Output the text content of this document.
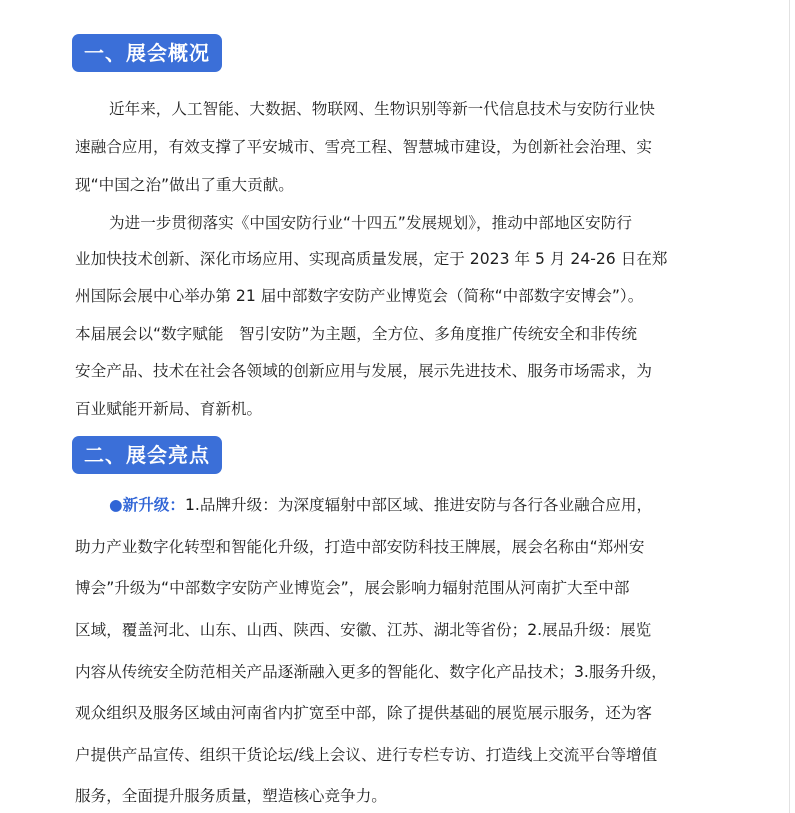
一、展会概况
近年来，人工智能、大数据、物联网、生物识别等新一代信息技术与安防行业快
速融合应用，有效支撑了平安城市、雪亮工程、智慧城市建设，为创新社会治理、实
现“中国之治”做出了重大贡献。
为进一步贯彻落实《中国安防行业“十四五”发展规划》，推动中部地区安防行
业加快技术创新、深化市场应用、实现高质量发展，定于 2023 年 5 月 24-26 日在郑
州国际会展中心举办第 21 届中部数字安防产业博览会（简称“中部数字安博会”）。
本届展会以“数字赋能　智引安防”为主题，全方位、多角度推广传统安全和非传统
安全产品、技术在社会各领域的创新应用与发展，展示先进技术、服务市场需求，为
百业赋能开新局、育新机。
二、展会亮点
●新升级：1.品牌升级：为深度辐射中部区域、推进安防与各行各业融合应用，
助力产业数字化转型和智能化升级，打造中部安防科技王牌展，展会名称由“郑州安
博会”升级为“中部数字安防产业博览会”，展会影响力辐射范围从河南扩大至中部
区域，覆盖河北、山东、山西、陕西、安徽、江苏、湖北等省份；2.展品升级：展览
内容从传统安全防范相关产品逐渐融入更多的智能化、数字化产品技术；3.服务升级，
观众组织及服务区域由河南省内扩宽至中部，除了提供基础的展览展示服务，还为客
户提供产品宣传、组织干货论坛/线上会议、进行专栏专访、打造线上交流平台等增值
服务，全面提升服务质量，塑造核心竞争力。
